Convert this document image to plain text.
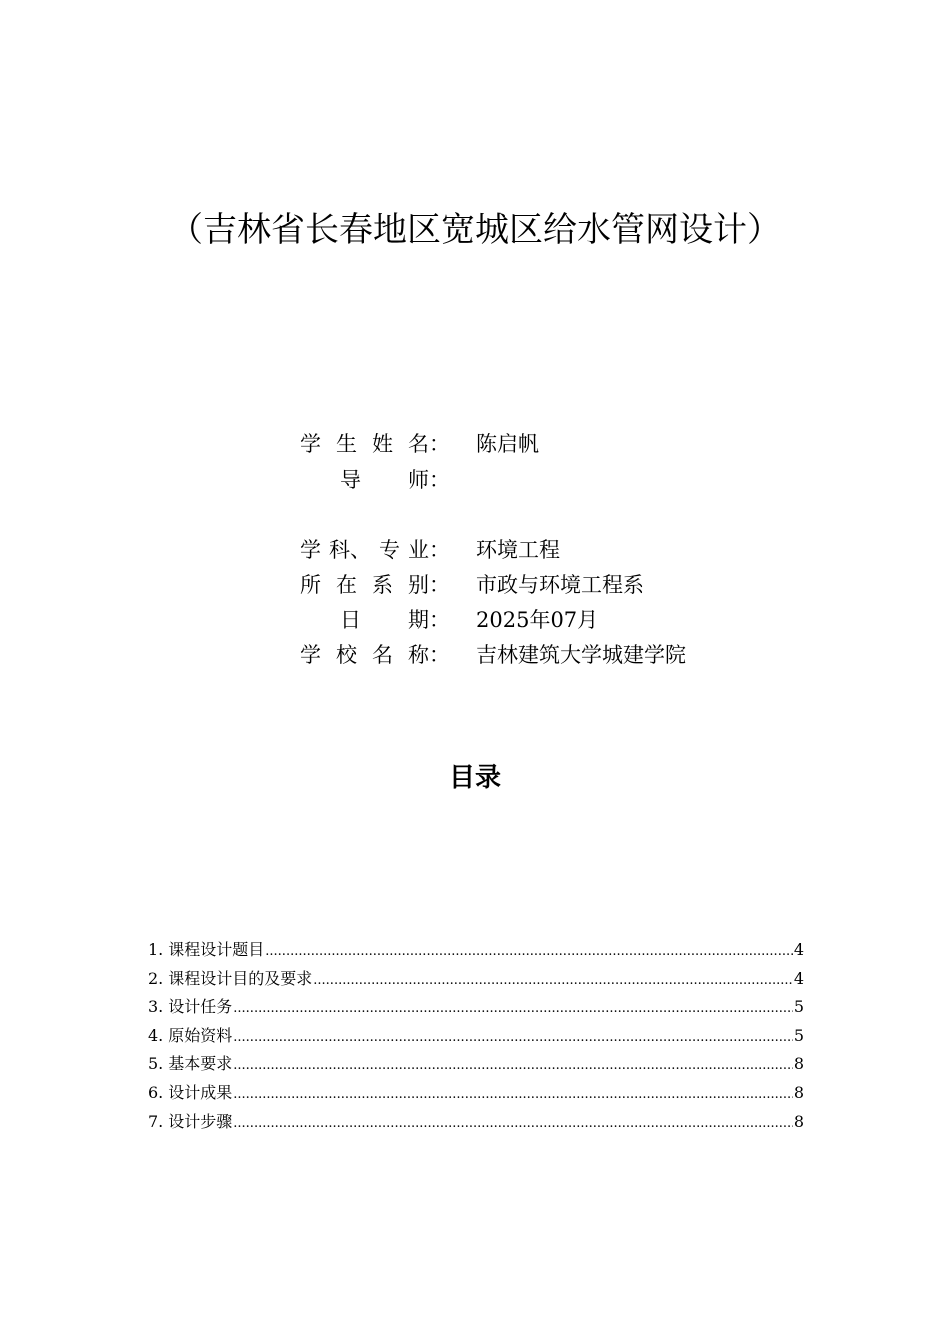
（吉林省长春地区宽城区给水管网设计）
学 生 姓 名： 陈启帆
导 师：
学 科、 专 业： 环境工程
所 在 系 别： 市政与环境工程系
日 期： 2025年07月
学 校 名 称： 吉林建筑大学城建学院
目录
1. 课程设计题目 .....	4
2. 课程设计目的及要求 .....	4
3. 设计任务 .....	5
4. 原始资料 .....	5
5. 基本要求 .....	8
6. 设计成果 .....	8
7. 设计步骤 .....	8
